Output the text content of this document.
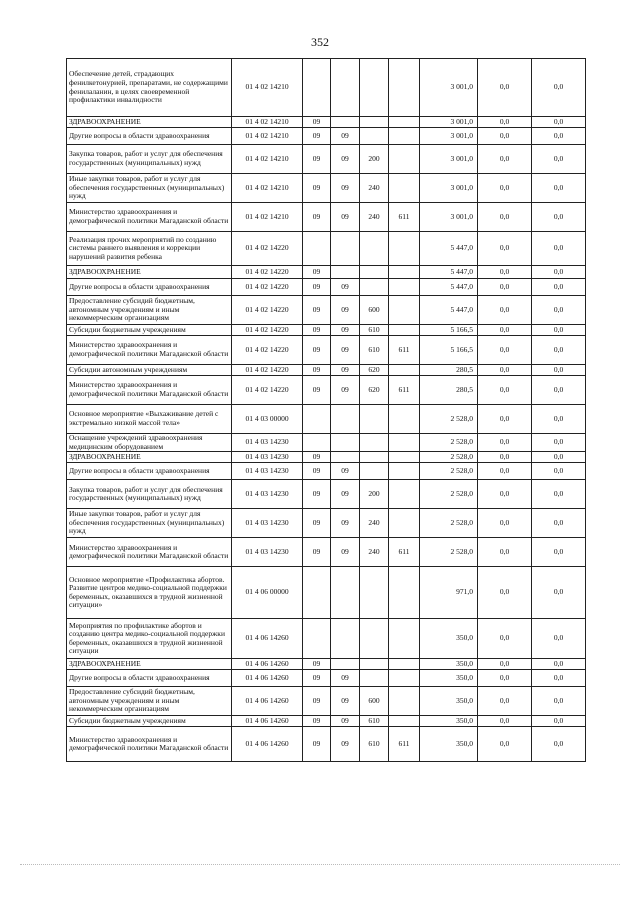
352
Обеспечение детей, страдающих фенилкетонурией, препаратами, не содержащими фенилаланин, в целях своевременной профилактики инвалидности	01 4 02 14210					3 001,0	0,0	0,0
ЗДРАВООХРАНЕНИЕ	01 4 02 14210	09				3 001,0	0,0	0,0
Другие вопросы в области здравоохранения	01 4 02 14210	09	09			3 001,0	0,0	0,0
Закупка товаров, работ и услуг для обеспечения государственных (муниципальных) нужд	01 4 02 14210	09	09	200		3 001,0	0,0	0,0
Иные закупки товаров, работ и услуг для обеспечения государственных (муниципальных) нужд	01 4 02 14210	09	09	240		3 001,0	0,0	0,0
Министерство здравоохранения и демографической политики Магаданской области	01 4 02 14210	09	09	240	611	3 001,0	0,0	0,0
Реализация прочих мероприятий по созданию системы раннего выявления и коррекции нарушений развития ребенка	01 4 02 14220					5 447,0	0,0	0,0
ЗДРАВООХРАНЕНИЕ	01 4 02 14220	09				5 447,0	0,0	0,0
Другие вопросы в области здравоохранения	01 4 02 14220	09	09			5 447,0	0,0	0,0
Предоставление субсидий бюджетным, автономным учреждениям и иным некоммерческим организациям	01 4 02 14220	09	09	600		5 447,0	0,0	0,0
Субсидии бюджетным учреждениям	01 4 02 14220	09	09	610		5 166,5	0,0	0,0
Министерство здравоохранения и демографической политики Магаданской области	01 4 02 14220	09	09	610	611	5 166,5	0,0	0,0
Субсидии автономным учреждениям	01 4 02 14220	09	09	620		280,5	0,0	0,0
Министерство здравоохранения и демографической политики Магаданской области	01 4 02 14220	09	09	620	611	280,5	0,0	0,0
Основное мероприятие «Выхаживание детей с экстремально низкой массой тела»	01 4 03 00000					2 528,0	0,0	0,0
Оснащение учреждений здравоохранения медицинским оборудованием	01 4 03 14230					2 528,0	0,0	0,0
ЗДРАВООХРАНЕНИЕ	01 4 03 14230	09				2 528,0	0,0	0,0
Другие вопросы в области здравоохранения	01 4 03 14230	09	09			2 528,0	0,0	0,0
Закупка товаров, работ и услуг для обеспечения государственных (муниципальных) нужд	01 4 03 14230	09	09	200		2 528,0	0,0	0,0
Иные закупки товаров, работ и услуг для обеспечения государственных (муниципальных) нужд	01 4 03 14230	09	09	240		2 528,0	0,0	0,0
Министерство здравоохранения и демографической политики Магаданской области	01 4 03 14230	09	09	240	611	2 528,0	0,0	0,0
Основное мероприятие «Профилактика абортов. Развитие центров медико-социальной поддержки беременных, оказавшихся в трудной жизненной ситуации»	01 4 06 00000					971,0	0,0	0,0
Мероприятия по профилактике абортов и созданию центра медико-социальной поддержки беременных, оказавшихся в трудной жизненной ситуации	01 4 06 14260					350,0	0,0	0,0
ЗДРАВООХРАНЕНИЕ	01 4 06 14260	09				350,0	0,0	0,0
Другие вопросы в области здравоохранения	01 4 06 14260	09	09			350,0	0,0	0,0
Предоставление субсидий бюджетным, автономным учреждениям и иным некоммерческим организациям	01 4 06 14260	09	09	600		350,0	0,0	0,0
Субсидии бюджетным учреждениям	01 4 06 14260	09	09	610		350,0	0,0	0,0
Министерство здравоохранения и демографической политики Магаданской области	01 4 06 14260	09	09	610	611	350,0	0,0	0,0
